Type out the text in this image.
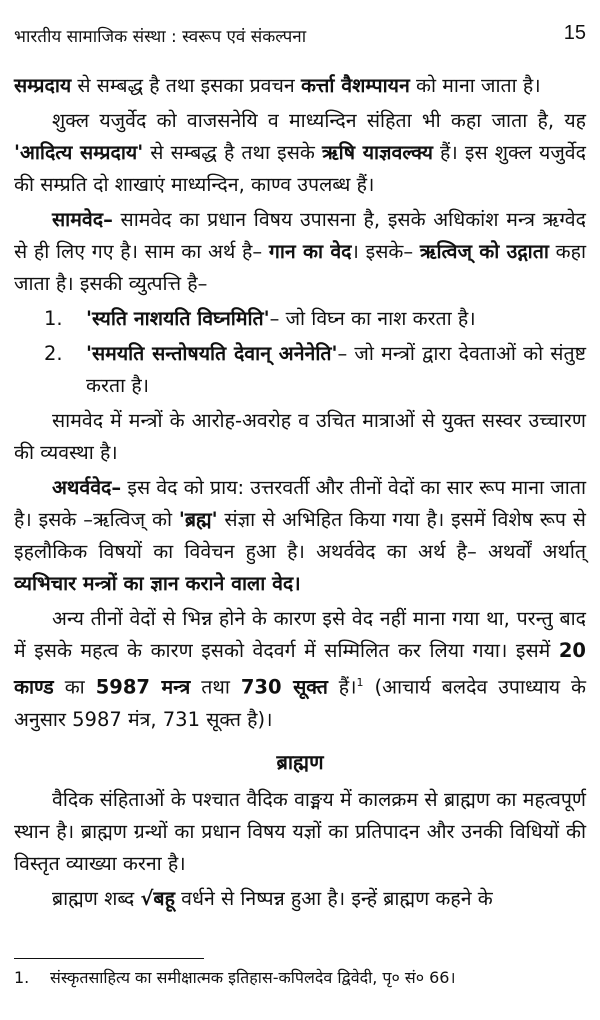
भारतीय सामाजिक संस्था : स्वरूप एवं संकल्पना	15

सम्प्रदाय से सम्बद्ध है तथा इसका प्रवचन कर्त्ता वैशम्पायन को माना जाता है।

शुक्ल यजुर्वेद को वाजसनेयि व माध्यन्दिन संहिता भी कहा जाता है, यह 'आदित्य सम्प्रदाय' से सम्बद्ध है तथा इसके ऋषि याज्ञवल्क्य हैं। इस शुक्ल यजुर्वेद की सम्प्रति दो शाखाएं माध्यन्दिन, काण्व उपलब्ध हैं।

सामवेद– सामवेद का प्रधान विषय उपासना है, इसके अधिकांश मन्त्र ऋग्वेद से ही लिए गए है। साम का अर्थ है– गान का वेद। इसके– ऋत्विज् को उद्गाता कहा जाता है। इसकी व्युत्पत्ति है–

1.	'स्यति नाशयति विघ्नमिति'– जो विघ्न का नाश करता है।
2.	'समयति सन्तोषयति देवान् अनेनेति'– जो मन्त्रों द्वारा देवताओं को संतुष्ट करता है।

सामवेद में मन्त्रों के आरोह-अवरोह व उचित मात्राओं से युक्त सस्वर उच्चारण की व्यवस्था है।

अथर्ववेद– इस वेद को प्राय: उत्तरवर्ती और तीनों वेदों का सार रूप माना जाता है। इसके –ऋत्विज् को 'ब्रह्म' संज्ञा से अभिहित किया गया है। इसमें विशेष रूप से इहलौकिक विषयों का विवेचन हुआ है। अथर्ववेद का अर्थ है– अथर्वों अर्थात् व्यभिचार मन्त्रों का ज्ञान कराने वाला वेद।

अन्य तीनों वेदों से भिन्न होने के कारण इसे वेद नहीं माना गया था, परन्तु बाद में इसके महत्व के कारण इसको वेदवर्ग में सम्मिलित कर लिया गया। इसमें 20 काण्ड का 5987 मन्त्र तथा 730 सूक्त हैं।$^1$ (आचार्य बलदेव उपाध्याय के अनुसार 5987 मंत्र, 731 सूक्त है)।

ब्राह्मण

वैदिक संहिताओं के पश्चात वैदिक वाङ्मय में कालक्रम से ब्राह्मण का महत्वपूर्ण स्थान है। ब्राह्मण ग्रन्थों का प्रधान विषय यज्ञों का प्रतिपादन और उनकी विधियों की विस्तृत व्याख्या करना है।

ब्राह्मण शब्द √बहू वर्धने से निष्पन्न हुआ है। इन्हें ब्राह्मण कहने के

1. संस्कृतसाहित्य का समीक्षात्मक इतिहास-कपिलदेव द्विवेदी, पृ० सं० 66।
